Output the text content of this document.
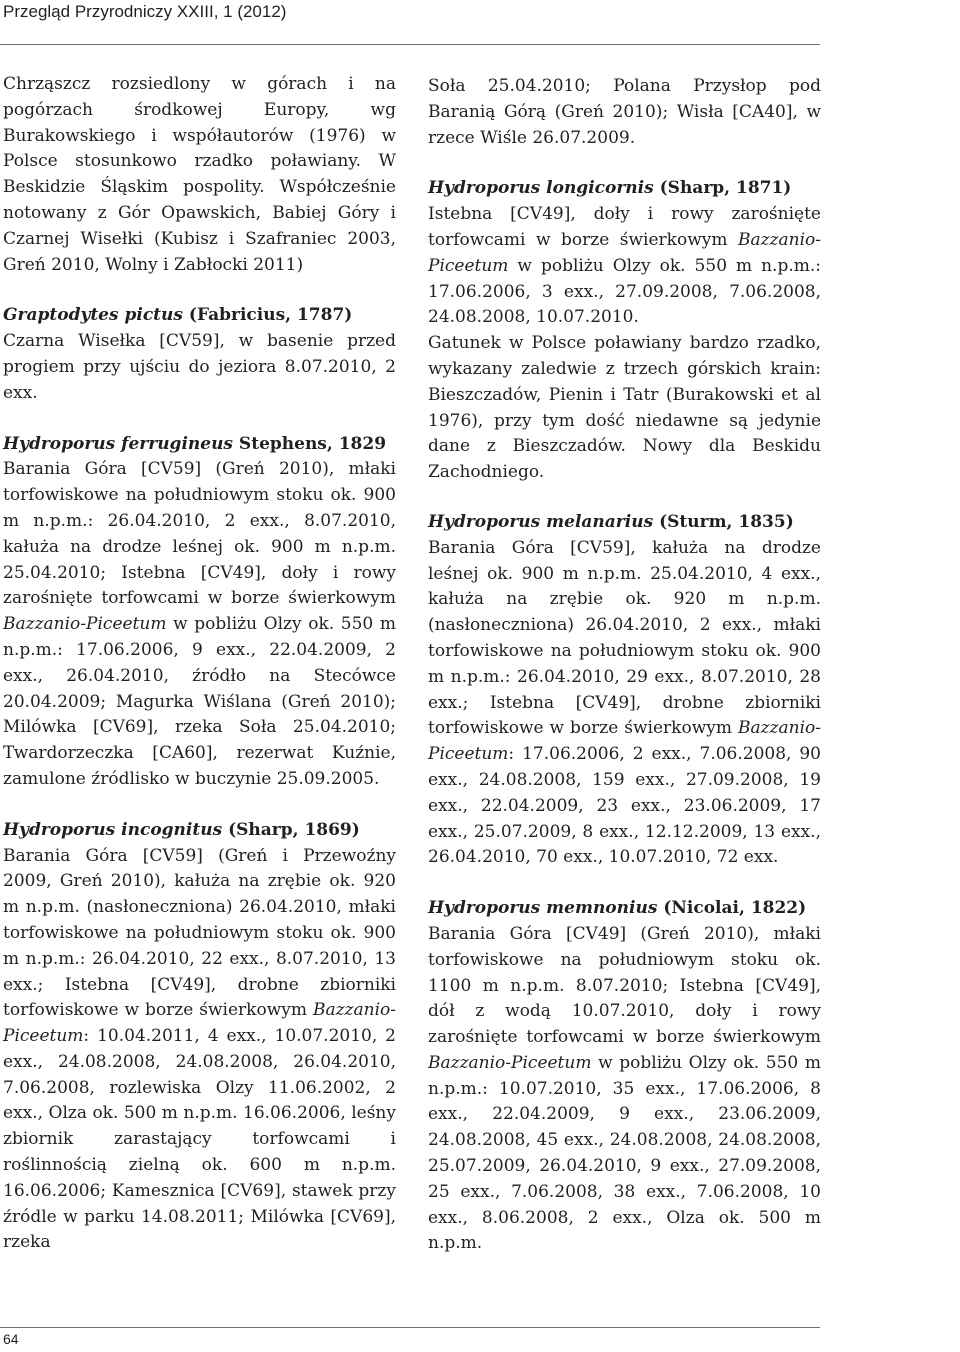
Przegląd Przyrodniczy XXIII, 1 (2012)

Chrząszcz rozsiedlony w górach i na pogórzach środkowej Europy, wg Burakowskiego i współautorów (1976) w Polsce stosunkowo rzadko poławiany. W Beskidzie Śląskim pospolity. Współcześnie notowany z Gór Opawskich, Babiej Góry i Czarnej Wisełki (Kubisz i Szafraniec 2003, Greń 2010, Wolny i Zabłocki 2011)

Graptodytes pictus (Fabricius, 1787)

Czarna Wisełka [CV59], w basenie przed progiem przy ujściu do jeziora 8.07.2010, 2 exx.

Hydroporus ferrugineus Stephens, 1829

Barania Góra [CV59] (Greń 2010), młaki torfowiskowe na południowym stoku ok. 900 m n.p.m.: 26.04.2010, 2 exx., 8.07.2010, kałuża na drodze leśnej ok. 900 m n.p.m. 25.04.2010; Istebna [CV49], doły i rowy zarośnięte torfowcami w borze świerkowym Bazzanio-Piceetum w pobliżu Olzy ok. 550 m n.p.m.: 17.06.2006, 9 exx., 22.04.2009, 2 exx., 26.04.2010, źródło na Stecówce 20.04.2009; Magurka Wiślana (Greń 2010); Milówka [CV69], rzeka Soła 25.04.2010; Twardorzeczka [CA60], rezerwat Kuźnie, zamulone źródlisko w buczynie 25.09.2005.

Hydroporus incognitus (Sharp, 1869)

Barania Góra [CV59] (Greń i Przewoźny 2009, Greń 2010), kałuża na zrębie ok. 920 m n.p.m. (nasłoneczniona) 26.04.2010, młaki torfowiskowe na południowym stoku ok. 900 m n.p.m.: 26.04.2010, 22 exx., 8.07.2010, 13 exx.; Istebna [CV49], drobne zbiorniki torfowiskowe w borze świerkowym Bazzanio-Piceetum: 10.04.2011, 4 exx., 10.07.2010, 2 exx., 24.08.2008, 24.08.2008, 26.04.2010, 7.06.2008, rozlewiska Olzy 11.06.2002, 2 exx., Olza ok. 500 m n.p.m. 16.06.2006, leśny zbiornik zarastający torfowcami i roślinnością zielną ok. 600 m n.p.m. 16.06.2006; Kamesznica [CV69], stawek przy źródle w parku 14.08.2011; Milówka [CV69], rzeka

Soła 25.04.2010; Polana Przysłop pod Baranią Górą (Greń 2010); Wisła [CA40], w rzece Wiśle 26.07.2009.

Hydroporus longicornis (Sharp, 1871)

Istebna [CV49], doły i rowy zarośnięte torfowcami w borze świerkowym Bazzanio-Piceetum w pobliżu Olzy ok. 550 m n.p.m.: 17.06.2006, 3 exx., 27.09.2008, 7.06.2008, 24.08.2008, 10.07.2010.

Gatunek w Polsce poławiany bardzo rzadko, wykazany zaledwie z trzech górskich krain: Bieszczadów, Pienin i Tatr (Burakowski et al 1976), przy tym dość niedawne są jedynie dane z Bieszczadów. Nowy dla Beskidu Zachodniego.

Hydroporus melanarius (Sturm, 1835)

Barania Góra [CV59], kałuża na drodze leśnej ok. 900 m n.p.m. 25.04.2010, 4 exx., kałuża na zrębie ok. 920 m n.p.m. (nasłoneczniona) 26.04.2010, 2 exx., młaki torfowiskowe na południowym stoku ok. 900 m n.p.m.: 26.04.2010, 29 exx., 8.07.2010, 28 exx.; Istebna [CV49], drobne zbiorniki torfowiskowe w borze świerkowym Bazzanio-Piceetum: 17.06.2006, 2 exx., 7.06.2008, 90 exx., 24.08.2008, 159 exx., 27.09.2008, 19 exx., 22.04.2009, 23 exx., 23.06.2009, 17 exx., 25.07.2009, 8 exx., 12.12.2009, 13 exx., 26.04.2010, 70 exx., 10.07.2010, 72 exx.

Hydroporus memnonius (Nicolai, 1822)

Barania Góra [CV49] (Greń 2010), młaki torfowiskowe na południowym stoku ok. 1100 m n.p.m. 8.07.2010; Istebna [CV49], dół z wodą 10.07.2010, doły i rowy zarośnięte torfowcami w borze świerkowym Bazzanio-Piceetum w pobliżu Olzy ok. 550 m n.p.m.: 10.07.2010, 35 exx., 17.06.2006, 8 exx., 22.04.2009, 9 exx., 23.06.2009, 24.08.2008, 45 exx., 24.08.2008, 24.08.2008, 25.07.2009, 26.04.2010, 9 exx., 27.09.2008, 25 exx., 7.06.2008, 38 exx., 7.06.2008, 10 exx., 8.06.2008, 2 exx., Olza ok. 500 m n.p.m.

64
